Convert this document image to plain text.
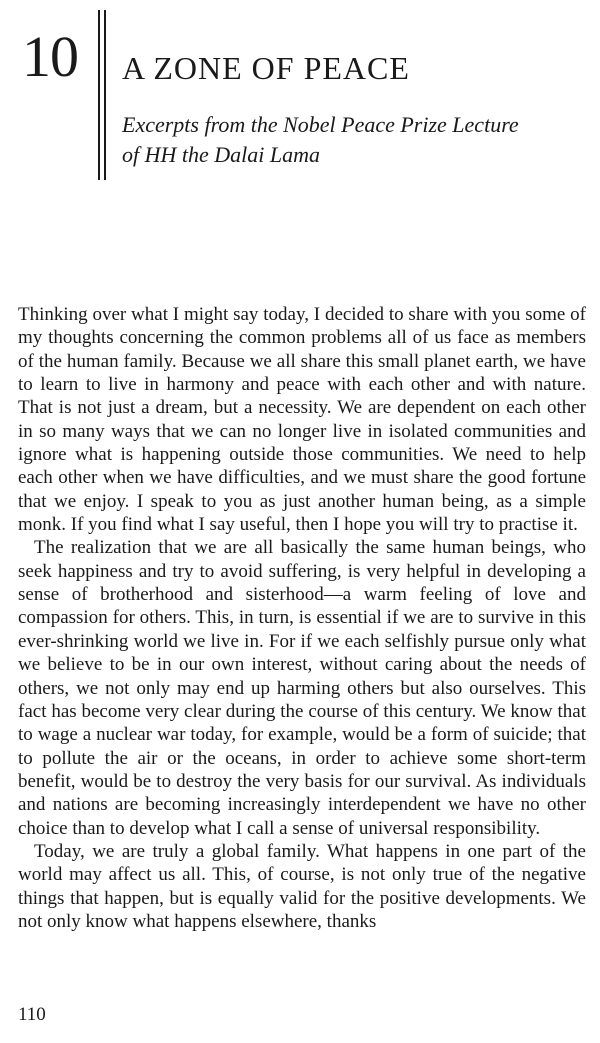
10 A ZONE OF PEACE
Excerpts from the Nobel Peace Prize Lecture
of HH the Dalai Lama

Thinking over what I might say today, I decided to share with you some of my thoughts concerning the common problems all of us face as members of the human family. Because we all share this small planet earth, we have to learn to live in harmony and peace with each other and with nature. That is not just a dream, but a necessity. We are dependent on each other in so many ways that we can no longer live in isolated communities and ignore what is happening outside those communities. We need to help each other when we have difficulties, and we must share the good fortune that we enjoy. I speak to you as just another human being, as a simple monk. If you find what I say useful, then I hope you will try to practise it.

The realization that we are all basically the same human beings, who seek happiness and try to avoid suffering, is very helpful in developing a sense of brotherhood and sisterhood—a warm feeling of love and compassion for others. This, in turn, is essential if we are to survive in this ever-shrinking world we live in. For if we each selfishly pursue only what we believe to be in our own interest, without caring about the needs of others, we not only may end up harming others but also ourselves. This fact has become very clear during the course of this century. We know that to wage a nuclear war today, for example, would be a form of suicide; that to pollute the air or the oceans, in order to achieve some short-term benefit, would be to destroy the very basis for our survival. As individuals and nations are becoming increasingly interdependent we have no other choice than to develop what I call a sense of universal responsibility.

Today, we are truly a global family. What happens in one part of the world may affect us all. This, of course, is not only true of the negative things that happen, but is equally valid for the positive developments. We not only know what happens elsewhere, thanks

110
